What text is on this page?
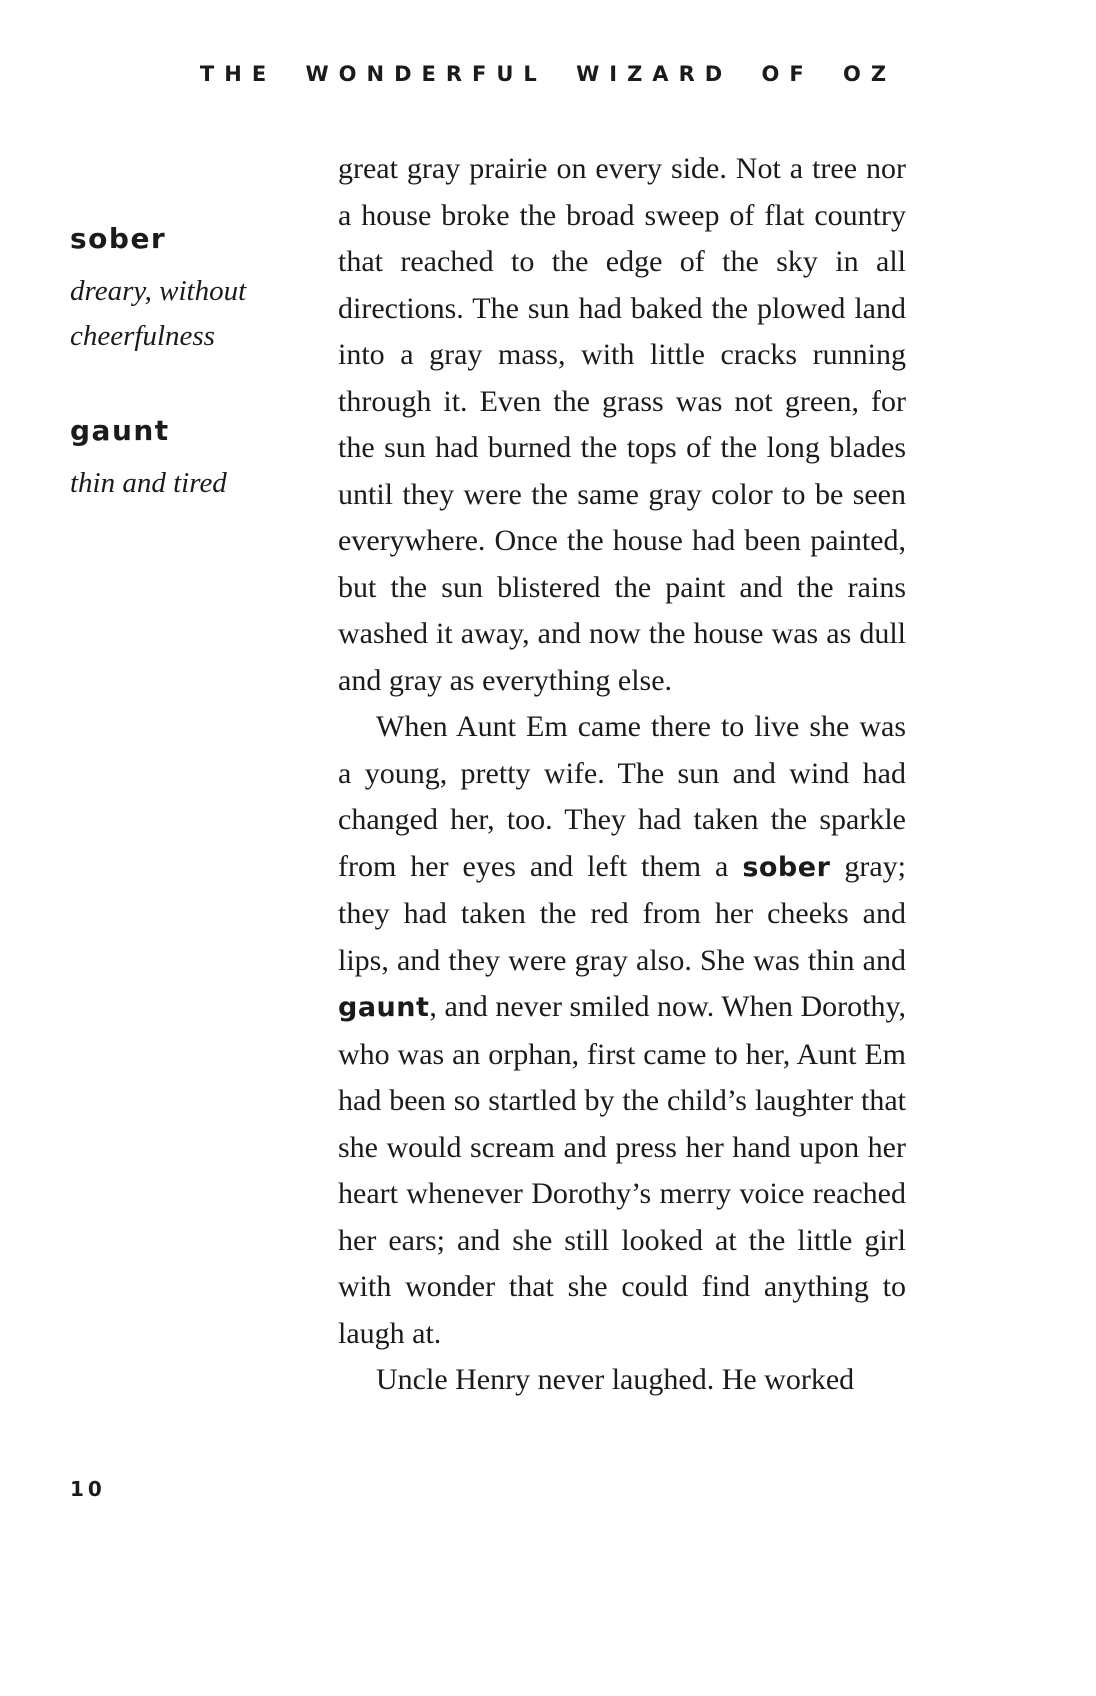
THE WONDERFUL WIZARD OF OZ
sober
dreary, without cheerfulness
gaunt
thin and tired

great gray prairie on every side. Not a tree nor a house broke the broad sweep of flat country that reached to the edge of the sky in all directions. The sun had baked the plowed land into a gray mass, with little cracks running through it. Even the grass was not green, for the sun had burned the tops of the long blades until they were the same gray color to be seen everywhere. Once the house had been painted, but the sun blistered the paint and the rains washed it away, and now the house was as dull and gray as everything else.

When Aunt Em came there to live she was a young, pretty wife. The sun and wind had changed her, too. They had taken the sparkle from her eyes and left them a sober gray; they had taken the red from her cheeks and lips, and they were gray also. She was thin and gaunt, and never smiled now. When Dorothy, who was an orphan, first came to her, Aunt Em had been so startled by the child’s laughter that she would scream and press her hand upon her heart whenever Dorothy’s merry voice reached her ears; and she still looked at the little girl with wonder that she could find anything to laugh at.

Uncle Henry never laughed. He worked

10
